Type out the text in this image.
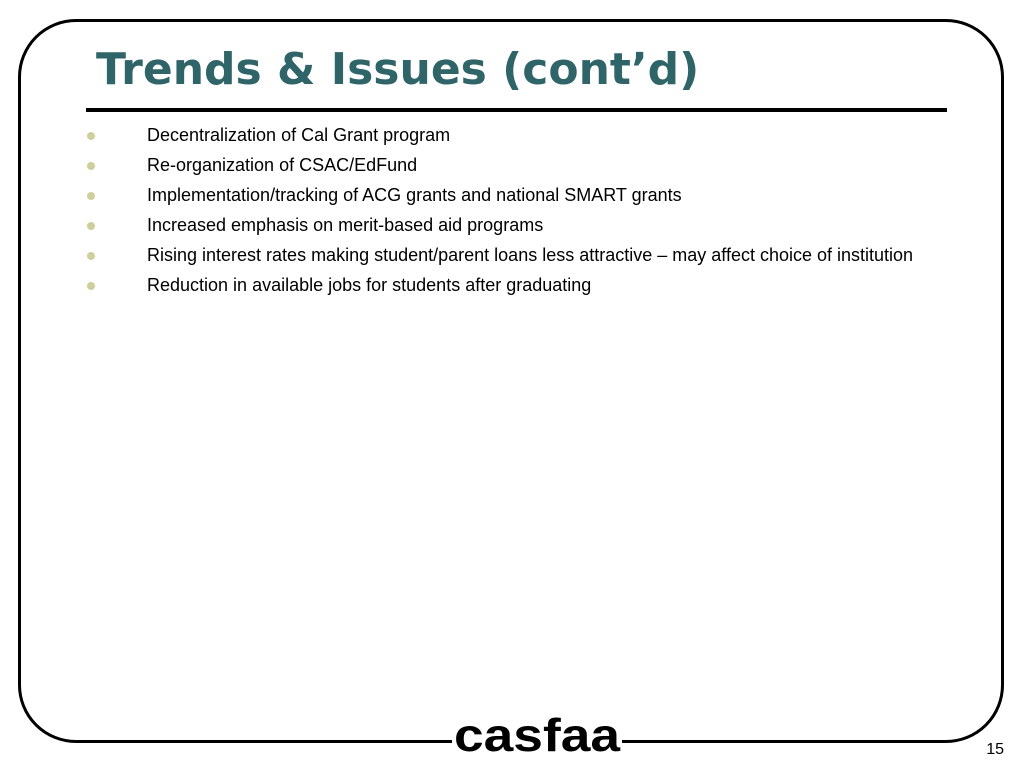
Trends & Issues (cont’d)
Decentralization of Cal Grant program
Re-organization of CSAC/EdFund
Implementation/tracking of ACG grants and national SMART grants
Increased emphasis on merit-based aid programs
Rising interest rates making student/parent loans less attractive – may affect choice of institution
Reduction in available jobs for students after graduating
casfaa	15
